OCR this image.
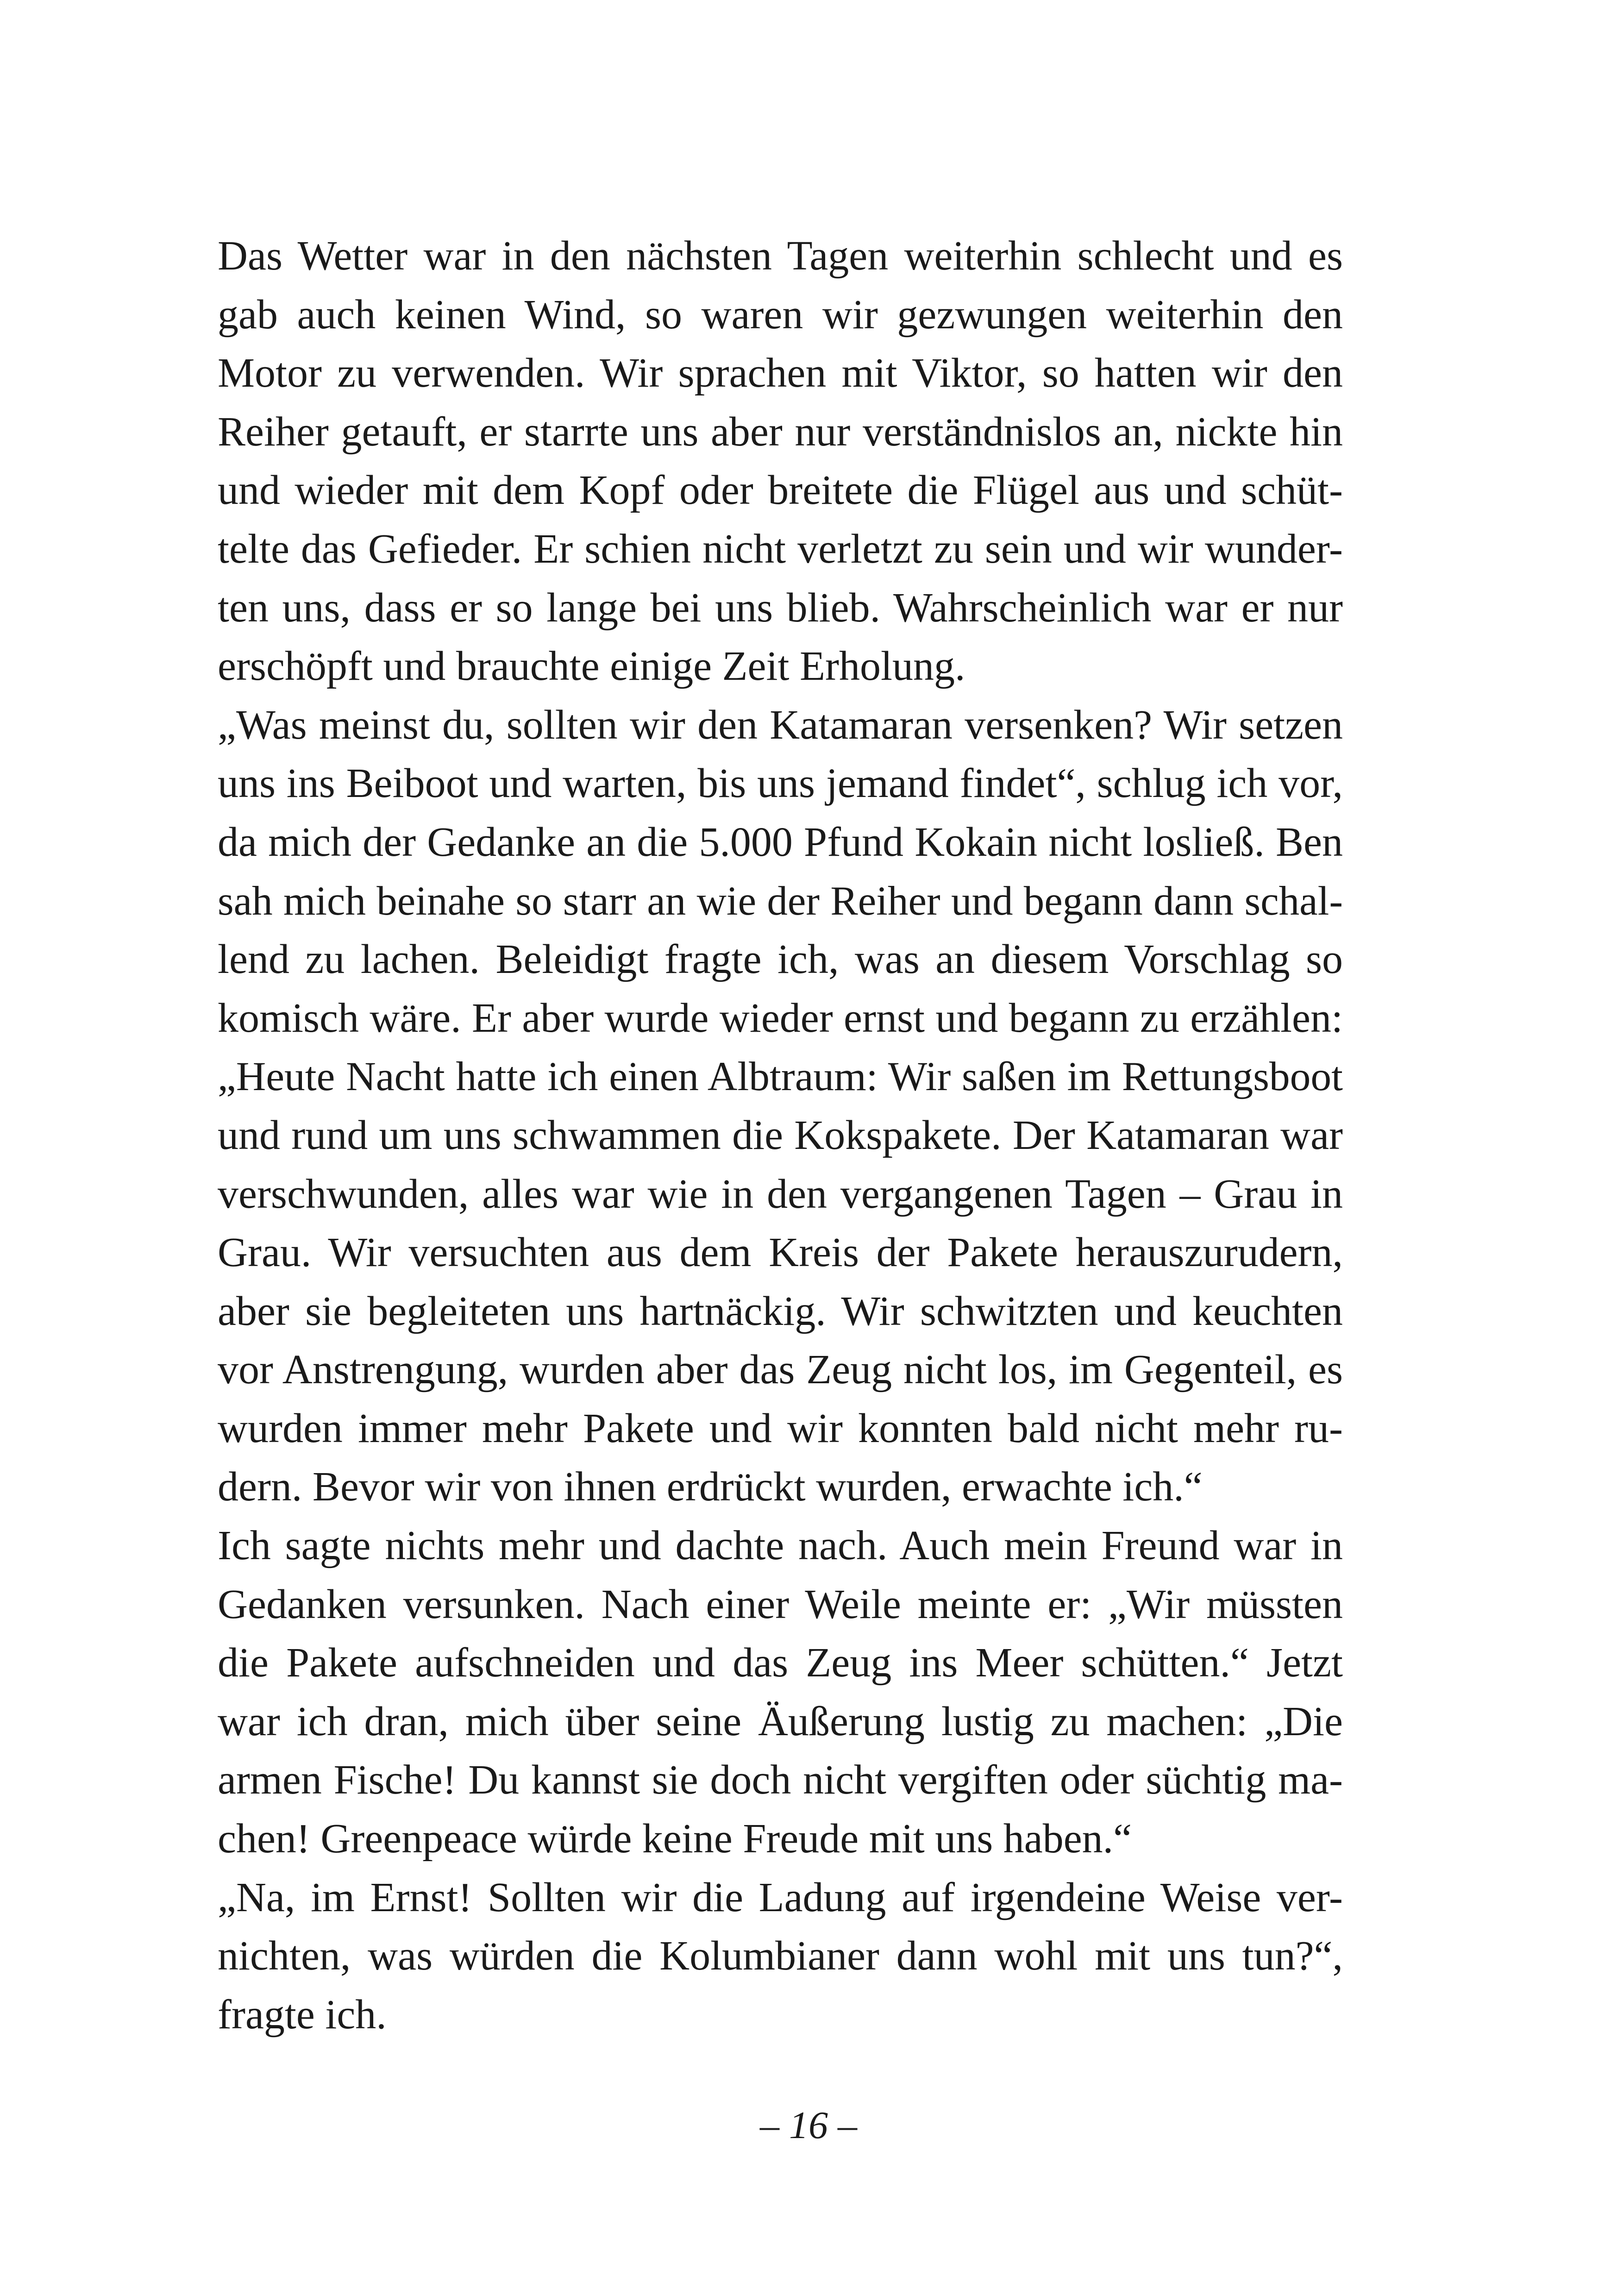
Das Wetter war in den nächsten Tagen weiterhin schlecht und es
gab auch keinen Wind, so waren wir gezwungen weiterhin den
Motor zu verwenden. Wir sprachen mit Viktor, so hatten wir den
Reiher getauft, er starrte uns aber nur verständnislos an, nickte hin
und wieder mit dem Kopf oder breitete die Flügel aus und schüt-
telte das Gefieder. Er schien nicht verletzt zu sein und wir wunder-
ten uns, dass er so lange bei uns blieb. Wahrscheinlich war er nur
erschöpft und brauchte einige Zeit Erholung.
„Was meinst du, sollten wir den Katamaran versenken? Wir setzen
uns ins Beiboot und warten, bis uns jemand findet“, schlug ich vor,
da mich der Gedanke an die 5.000 Pfund Kokain nicht losließ. Ben
sah mich beinahe so starr an wie der Reiher und begann dann schal-
lend zu lachen. Beleidigt fragte ich, was an diesem Vorschlag so
komisch wäre. Er aber wurde wieder ernst und begann zu erzählen:
„Heute Nacht hatte ich einen Albtraum: Wir saßen im Rettungsboot
und rund um uns schwammen die Kokspakete. Der Katamaran war
verschwunden, alles war wie in den vergangenen Tagen – Grau in
Grau. Wir versuchten aus dem Kreis der Pakete herauszurudern,
aber sie begleiteten uns hartnäckig. Wir schwitzten und keuchten
vor Anstrengung, wurden aber das Zeug nicht los, im Gegenteil, es
wurden immer mehr Pakete und wir konnten bald nicht mehr ru-
dern. Bevor wir von ihnen erdrückt wurden, erwachte ich.“
Ich sagte nichts mehr und dachte nach. Auch mein Freund war in
Gedanken versunken. Nach einer Weile meinte er: „Wir müssten
die Pakete aufschneiden und das Zeug ins Meer schütten.“ Jetzt
war ich dran, mich über seine Äußerung lustig zu machen: „Die
armen Fische! Du kannst sie doch nicht vergiften oder süchtig ma-
chen! Greenpeace würde keine Freude mit uns haben.“
„Na, im Ernst! Sollten wir die Ladung auf irgendeine Weise ver-
nichten, was würden die Kolumbianer dann wohl mit uns tun?“,
fragte ich.
– 16 –
